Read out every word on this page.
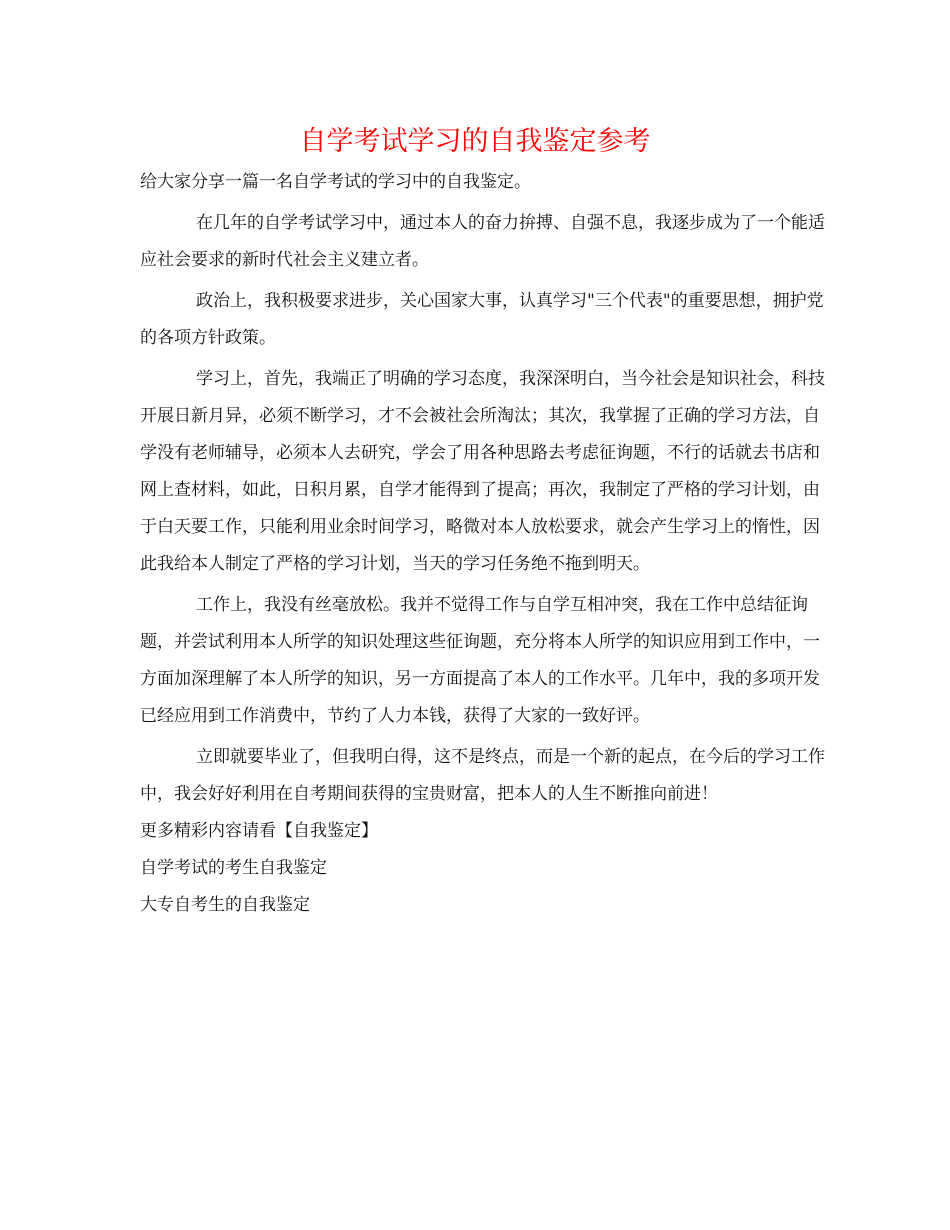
自学考试学习的自我鉴定参考

给大家分享一篇一名自学考试的学习中的自我鉴定。

在几年的自学考试学习中，通过本人的奋力拚搏、自强不息，我逐步成为了一个能适应社会要求的新时代社会主义建立者。

政治上，我积极要求进步，关心国家大事，认真学习"三个代表"的重要思想，拥护党的各项方针政策。

学习上，首先，我端正了明确的学习态度，我深深明白，当今社会是知识社会，科技开展日新月异，必须不断学习，才不会被社会所淘汰；其次，我掌握了正确的学习方法，自学没有老师辅导，必须本人去研究，学会了用各种思路去考虑征询题，不行的话就去书店和网上查材料，如此，日积月累，自学才能得到了提高；再次，我制定了严格的学习计划，由于白天要工作，只能利用业余时间学习，略微对本人放松要求，就会产生学习上的惰性，因此我给本人制定了严格的学习计划，当天的学习任务绝不拖到明天。

工作上，我没有丝毫放松。我并不觉得工作与自学互相冲突，我在工作中总结征询题，并尝试利用本人所学的知识处理这些征询题，充分将本人所学的知识应用到工作中，一方面加深理解了本人所学的知识，另一方面提高了本人的工作水平。几年中，我的多项开发已经应用到工作消费中，节约了人力本钱，获得了大家的一致好评。

立即就要毕业了，但我明白得，这不是终点，而是一个新的起点，在今后的学习工作中，我会好好利用在自考期间获得的宝贵财富，把本人的人生不断推向前进！

更多精彩内容请看【自我鉴定】

自学考试的考生自我鉴定

大专自考生的自我鉴定
